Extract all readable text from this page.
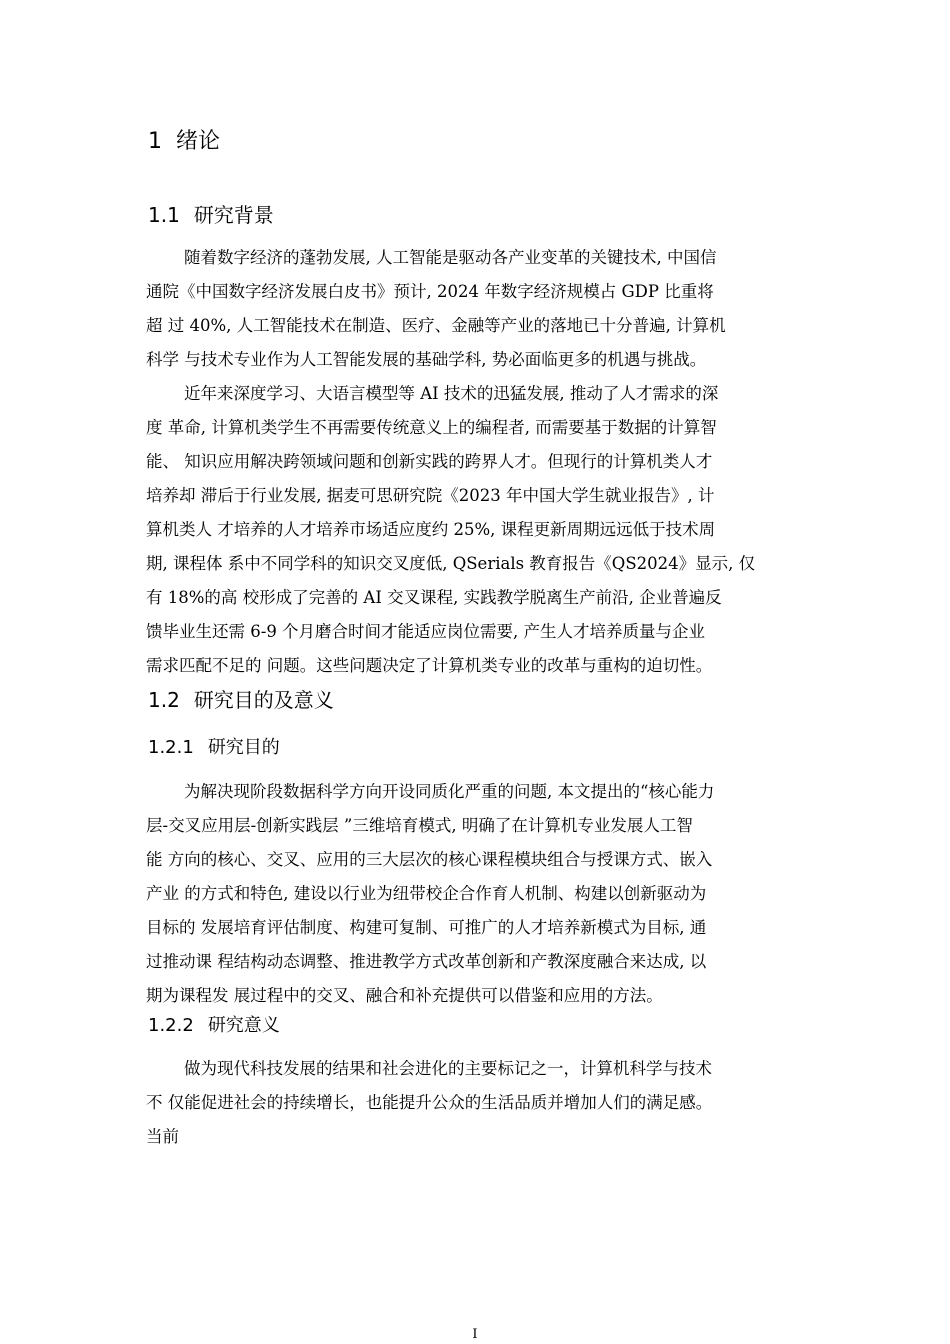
1 绪论
1.1 研究背景
随着数字经济的蓬勃发展, 人工智能是驱动各产业变革的关键技术, 中国信
通院《中国数字经济发展白皮书》预计, 2024 年数字经济规模占 GDP 比重将
超 过 40%, 人工智能技术在制造、医疗、金融等产业的落地已十分普遍, 计算机
科学 与技术专业作为人工智能发展的基础学科, 势必面临更多的机遇与挑战。
近年来深度学习、大语言模型等 AI 技术的迅猛发展, 推动了人才需求的深
度 革命, 计算机类学生不再需要传统意义上的编程者, 而需要基于数据的计算智
能、 知识应用解决跨领域问题和创新实践的跨界人才。但现行的计算机类人才
培养却 滞后于行业发展, 据麦可思研究院《2023 年中国大学生就业报告》, 计
算机类人 才培养的人才培养市场适应度约 25%, 课程更新周期远远低于技术周
期, 课程体 系中不同学科的知识交叉度低, QSerials 教育报告《QS2024》显示, 仅
有 18%的高 校形成了完善的 AI 交叉课程, 实践教学脱离生产前沿, 企业普遍反
馈毕业生还需 6-9 个月磨合时间才能适应岗位需要, 产生人才培养质量与企业
需求匹配不足的 问题。这些问题决定了计算机类专业的改革与重构的迫切性。
1.2 研究目的及意义
1.2.1 研究目的
为解决现阶段数据科学方向开设同质化严重的问题, 本文提出的“核心能力
层-交叉应用层-创新实践层 ”三维培育模式, 明确了在计算机专业发展人工智
能 方向的核心、交叉、应用的三大层次的核心课程模块组合与授课方式、嵌入
产业 的方式和特色, 建设以行业为纽带校企合作育人机制、构建以创新驱动为
目标的 发展培育评估制度、构建可复制、可推广的人才培养新模式为目标, 通
过推动课 程结构动态调整、推进教学方式改革创新和产教深度融合来达成, 以
期为课程发 展过程中的交叉、融合和补充提供可以借鉴和应用的方法。
1.2.2 研究意义
做为现代科技发展的结果和社会进化的主要标记之一，计算机科学与技术
不 仅能促进社会的持续增长，也能提升公众的生活品质并增加人们的满足感。
当前
I
